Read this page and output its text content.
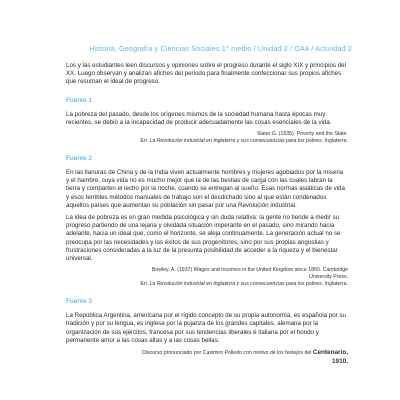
Historia, Geografía y Ciencias Sociales 1° medio / Unidad 2 / OA4 / Actividad 2

Los y las estudiantes leen discursos y opiniones sobre el progreso durante el siglo XIX y principios del XX. Luego observan y analizan afiches del periodo para finalmente confeccionar sus propios afiches que resuman el ideal de progreso.

Fuente 1

La pobreza del pasado, desde los orígenes mismos de la sociedad humana hasta épocas muy recientes, se debió a la incapacidad de producir adecuadamente las cosas esenciales de la vida.

Slater G. (1935). Poverty and the State.
En: La Revolución industrial en Inglaterra y sus consecuencias para los pobres. Inglaterra.
Fuente 2

En las llanuras de China y de la India viven actualmente hombres y mujeres agobiados por la miseria y el hambre, cuya vida no es mucho mejor que la de las bestias de carga con las cuales labran la tierra y comparten el lecho por la noche, cuando se entregan al sueño. Esas normas asiáticas de vida y esos terribles métodos manuales de trabajo son el desdichado sino al que están condenados aquellos países que aumentan su población sin pasar por una Revolución industrial.

La idea de pobreza es en gran medida psicológica y sin duda relativa: la gente no tiende a medir su progreso partiendo de una lejana y olvidada situación imperante en el pasado, sino mirando hacia adelante, hacia un ideal que, como el horizonte, se aleja continuamente. La generación actual no se preocupa por las necesidades y los éxitos de sus progenitores, sino por sus propias angustias y frustraciones consideradas a la luz de la presunta posibilidad de acceder a la riqueza y el bienestar universal.

Bowley, A. (1937) Wages and Incomes in the United Kingdom since 1860. Cambridge
University Press.
En: La Revolución industrial en Inglaterra y sus consecuencias para los pobres. Inglaterra.
Fuente 3

La República Argentina, americana por el rígido concepto de su propia autonomía, es española por su tradición y por su lengua, es inglesa por la pujanza de los grandes capitales, alemana por la organización de sus ejércitos, francesa por sus tendencias liberales é italiana por el hondo y permanente amor a las cosas altas y a las cosas bellas.

Discurso pronunciado por Casimiro Polledo con motivo de los festejos del Centenario,
1910.
